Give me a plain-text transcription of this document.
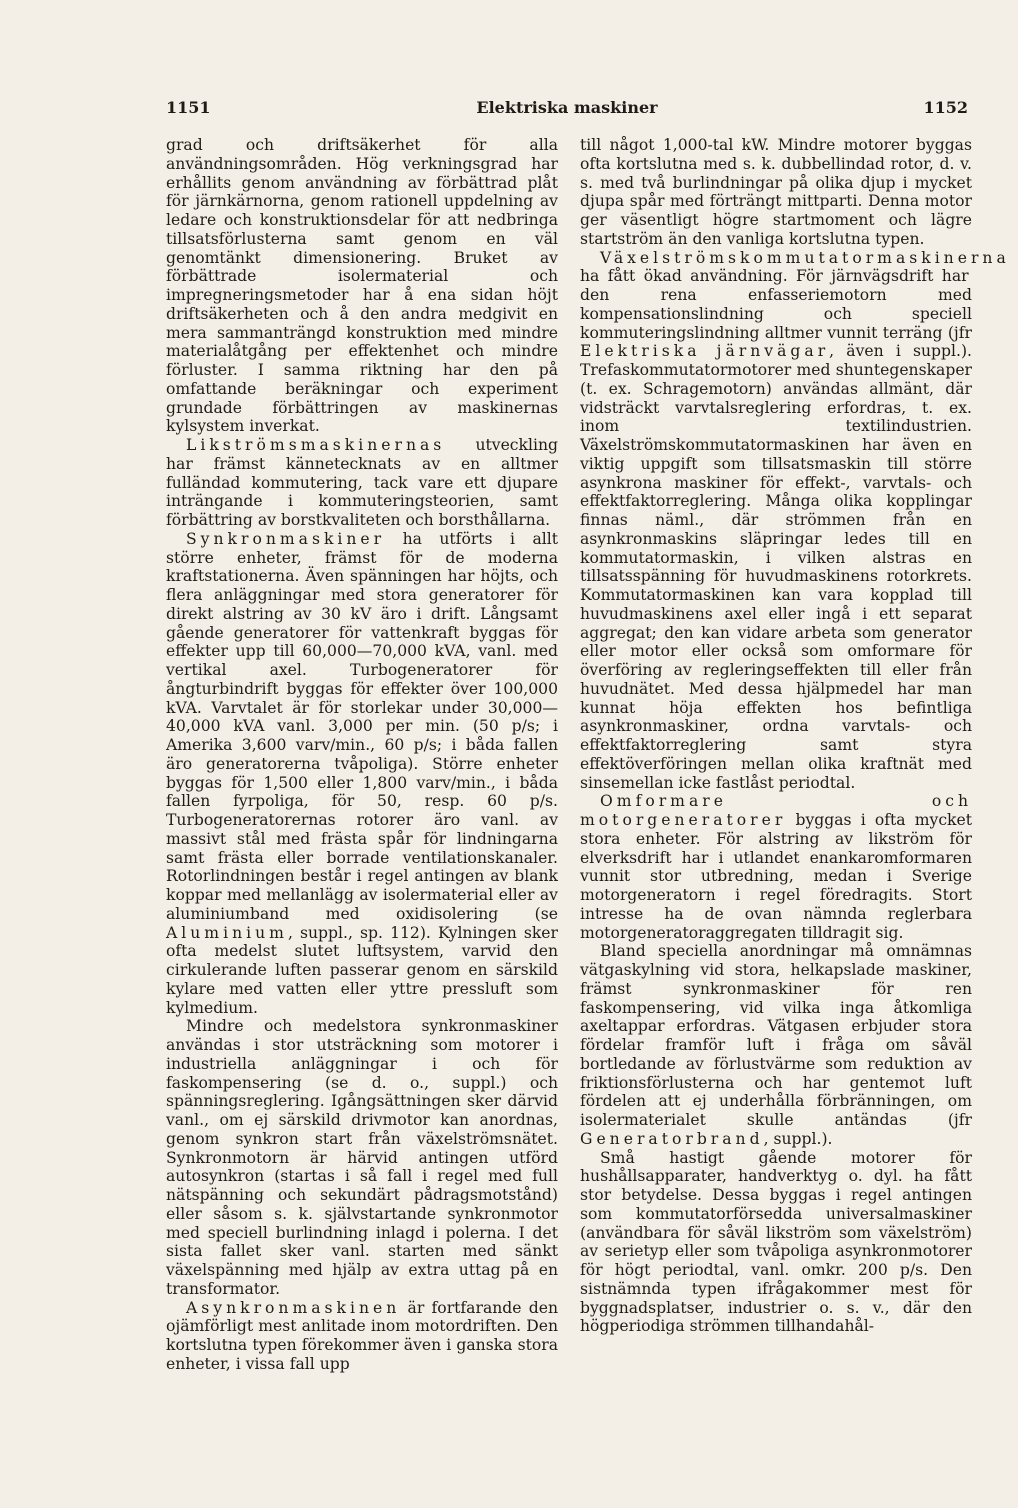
1151	Elektriska maskiner	1152

grad och driftsäkerhet för alla användningsområden. Hög verkningsgrad har erhållits genom användning av förbättrad plåt för järnkärnorna, genom rationell uppdelning av ledare och konstruktionsdelar för att nedbringa tillsatsförlusterna samt genom en väl genomtänkt dimensionering. Bruket av förbättrade isolermaterial och impregneringsmetoder har å ena sidan höjt driftsäkerheten och å den andra medgivit en mera sammanträngd konstruktion med mindre materialåtgång per effektenhet och mindre förluster. I samma riktning har den på omfattande beräkningar och experiment grundade förbättringen av maskinernas kylsystem inverkat.

Likströmsmaskinernas utveckling har främst kännetecknats av en alltmer fulländad kommutering, tack vare ett djupare inträngande i kommuteringsteorien, samt förbättring av borstkvaliteten och borsthållarna.

Synkronmaskiner ha utförts i allt större enheter, främst för de moderna kraftstationerna. Även spänningen har höjts, och flera anläggningar med stora generatorer för direkt alstring av 30 kV äro i drift. Långsamt gående generatorer för vattenkraft byggas för effekter upp till 60,000—70,000 kVA, vanl. med vertikal axel. Turbogeneratorer för ångturbindrift byggas för effekter över 100,000 kVA. Varvtalet är för storlekar under 30,000—40,000 kVA vanl. 3,000 per min. (50 p/s; i Amerika 3,600 varv/min., 60 p/s; i båda fallen äro generatorerna tvåpoliga). Större enheter byggas för 1,500 eller 1,800 varv/min., i båda fallen fyrpoliga, för 50, resp. 60 p/s. Turbogeneratorernas rotorer äro vanl. av massivt stål med frästa spår för lindningarna samt frästa eller borrade ventilationskanaler. Rotorlindningen består i regel antingen av blank koppar med mellanlägg av isolermaterial eller av aluminiumband med oxidisolering (se Aluminium, suppl., sp. 112). Kylningen sker ofta medelst slutet luftsystem, varvid den cirkulerande luften passerar genom en särskild kylare med vatten eller yttre pressluft som kylmedium.

Mindre och medelstora synkronmaskiner användas i stor utsträckning som motorer i industriella anläggningar i och för faskompensering (se d. o., suppl.) och spänningsreglering. Igångsättningen sker därvid vanl., om ej särskild drivmotor kan anordnas, genom synkron start från växelströmsnätet. Synkronmotorn är härvid antingen utförd autosynkron (startas i så fall i regel med full nätspänning och sekundärt pådragsmotstånd) eller såsom s. k. självstartande synkronmotor med speciell burlindning inlagd i polerna. I det sista fallet sker vanl. starten med sänkt växelspänning med hjälp av extra uttag på en transformator.

Asynkronmaskinen är fortfarande den ojämförligt mest anlitade inom motordriften. Den kortslutna typen förekommer även i ganska stora enheter, i vissa fall upp

till något 1,000-tal kW. Mindre motorer byggas ofta kortslutna med s. k. dubbellindad rotor, d. v. s. med två burlindningar på olika djup i mycket djupa spår med förträngt mittparti. Denna motor ger väsentligt högre startmoment och lägre startström än den vanliga kortslutna typen.

Växelströmskommutatormaskinerna ha fått ökad användning. För järnvägsdrift har den rena enfasseriemotorn med kompensationslindning och speciell kommuteringslindning alltmer vunnit terräng (jfr Elektriska järnvägar, även i suppl.). Trefaskommutatormotorer med shuntegenskaper (t. ex. Schragemotorn) användas allmänt, där vidsträckt varvtalsreglering erfordras, t. ex. inom textilindustrien. Växelströmskommutatormaskinen har även en viktig uppgift som tillsatsmaskin till större asynkrona maskiner för effekt-, varvtals- och effektfaktorreglering. Många olika kopplingar finnas näml., där strömmen från en asynkronmaskins släpringar ledes till en kommutatormaskin, i vilken alstras en tillsatsspänning för huvudmaskinens rotorkrets. Kommutatormaskinen kan vara kopplad till huvudmaskinens axel eller ingå i ett separat aggregat; den kan vidare arbeta som generator eller motor eller också som omformare för överföring av regleringseffekten till eller från huvudnätet. Med dessa hjälpmedel har man kunnat höja effekten hos befintliga asynkronmaskiner, ordna varvtals- och effektfaktorreglering samt styra effektöverföringen mellan olika kraftnät med sinsemellan icke fastlåst periodtal.

Omformare och motorgeneratorer byggas i ofta mycket stora enheter. För alstring av likström för elverksdrift har i utlandet enankaromformaren vunnit stor utbredning, medan i Sverige motorgeneratorn i regel föredragits. Stort intresse ha de ovan nämnda reglerbara motorgeneratoraggregaten tilldragit sig.

Bland speciella anordningar må omnämnas vätgaskylning vid stora, helkapslade maskiner, främst synkronmaskiner för ren faskompensering, vid vilka inga åtkomliga axeltappar erfordras. Vätgasen erbjuder stora fördelar framför luft i fråga om såväl bortledande av förlustvärme som reduktion av friktionsförlusterna och har gentemot luft fördelen att ej underhålla förbränningen, om isolermaterialet skulle antändas (jfr Generatorbrand, suppl.).

Små hastigt gående motorer för hushållsapparater, handverktyg o. dyl. ha fått stor betydelse. Dessa byggas i regel antingen som kommutatorförsedda universalmaskiner (användbara för såväl likström som växelström) av serietyp eller som tvåpoliga asynkronmotorer för högt periodtal, vanl. omkr. 200 p/s. Den sistnämnda typen ifrågakommer mest för byggnadsplatser, industrier o. s. v., där den högperiodiga strömmen tillhandahål-
